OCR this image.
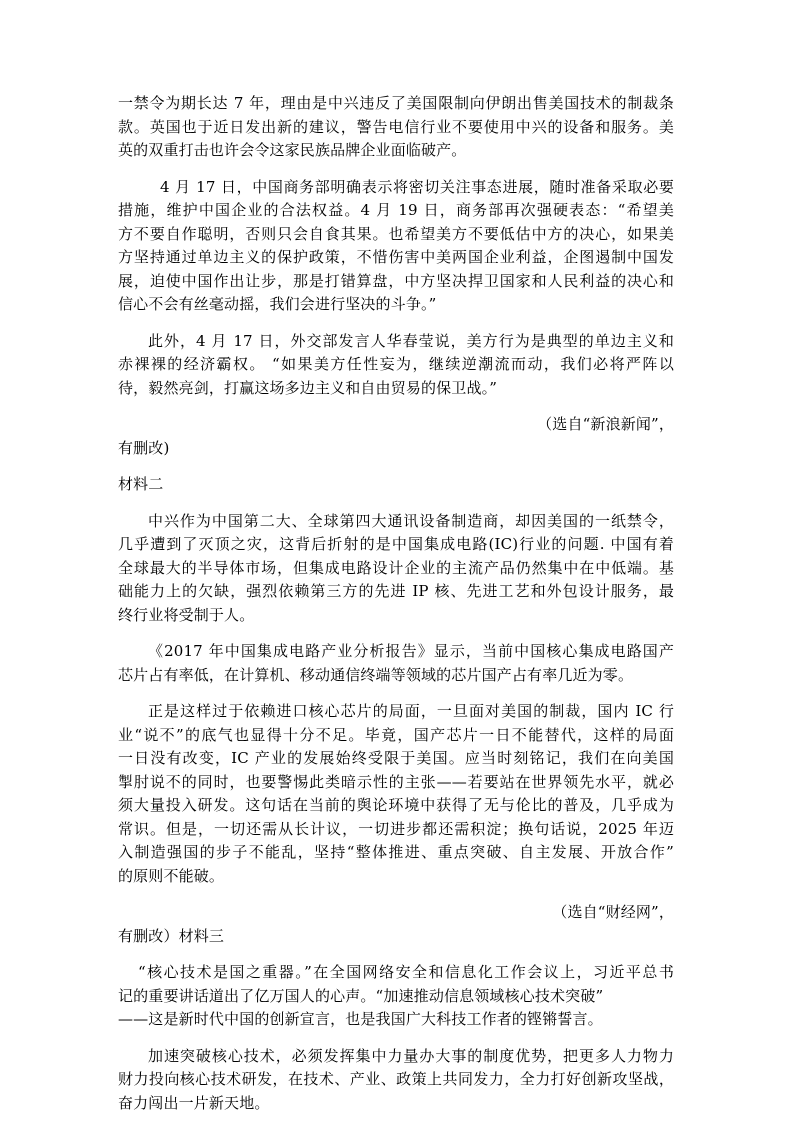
一禁令为期长达 7 年，理由是中兴违反了美国限制向伊朗出售美国技术的制裁条
款。英国也于近日发出新的建议，警告电信行业不要使用中兴的设备和服务。美
英的双重打击也许会令这家民族品牌企业面临破产。
4 月 17 日，中国商务部明确表示将密切关注事态进展，随时准备采取必要
措施，维护中国企业的合法权益。4 月 19 日，商务部再次强硬表态：“希望美
方不要自作聪明，否则只会自食其果。也希望美方不要低估中方的决心，如果美
方坚持通过单边主义的保护政策，不惜伤害中美两国企业利益，企图遏制中国发
展，迫使中国作出让步，那是打错算盘，中方坚决捍卫国家和人民利益的决心和
信心不会有丝毫动摇，我们会进行坚决的斗争。”
此外，4 月 17 日，外交部发言人华春莹说，美方行为是典型的单边主义和
赤裸裸的经济霸权。 “如果美方任性妄为，继续逆潮流而动，我们必将严阵以
待，毅然亮剑，打赢这场多边主义和自由贸易的保卫战。”
（选自“新浪新闻”，
有删改)
材料二
中兴作为中国第二大、全球第四大通讯设备制造商，却因美国的一纸禁令，
几乎遭到了灭顶之灾，这背后折射的是中国集成电路(IC)行业的问题. 中国有着
全球最大的半导体市场，但集成电路设计企业的主流产品仍然集中在中低端。基
础能力上的欠缺，强烈依赖第三方的先进 IP 核、先进工艺和外包设计服务，最
终行业将受制于人。
《2017 年中国集成电路产业分析报告》显示，当前中国核心集成电路国产
芯片占有率低，在计算机、移动通信终端等领域的芯片国产占有率几近为零。
正是这样过于依赖进口核心芯片的局面，一旦面对美国的制裁，国内 IC 行
业“说不”的底气也显得十分不足。毕竟，国产芯片一日不能替代，这样的局面
一日没有改变，IC 产业的发展始终受限于美国。应当时刻铭记，我们在向美国
掣肘说不的同时，也要警惕此类暗示性的主张——若要站在世界领先水平，就必
须大量投入研发。这句话在当前的舆论环境中获得了无与伦比的普及，几乎成为
常识。但是，一切还需从长计议，一切进步都还需积淀；换句话说，2025 年迈
入制造强国的步子不能乱，坚持“整体推进、重点突破、自主发展、开放合作”
的原则不能破。
（选自“财经网”，
有删改）材料三
“核心技术是国之重器。”在全国网络安全和信息化工作会议上，习近平总书
记的重要讲话道出了亿万国人的心声。“加速推动信息领域核心技术突破”
——这是新时代中国的创新宣言，也是我国广大科技工作者的铿锵誓言。
加速突破核心技术，必须发挥集中力量办大事的制度优势，把更多人力物力
财力投向核心技术研发，在技术、产业、政策上共同发力，全力打好创新攻坚战，
奋力闯出一片新天地。
